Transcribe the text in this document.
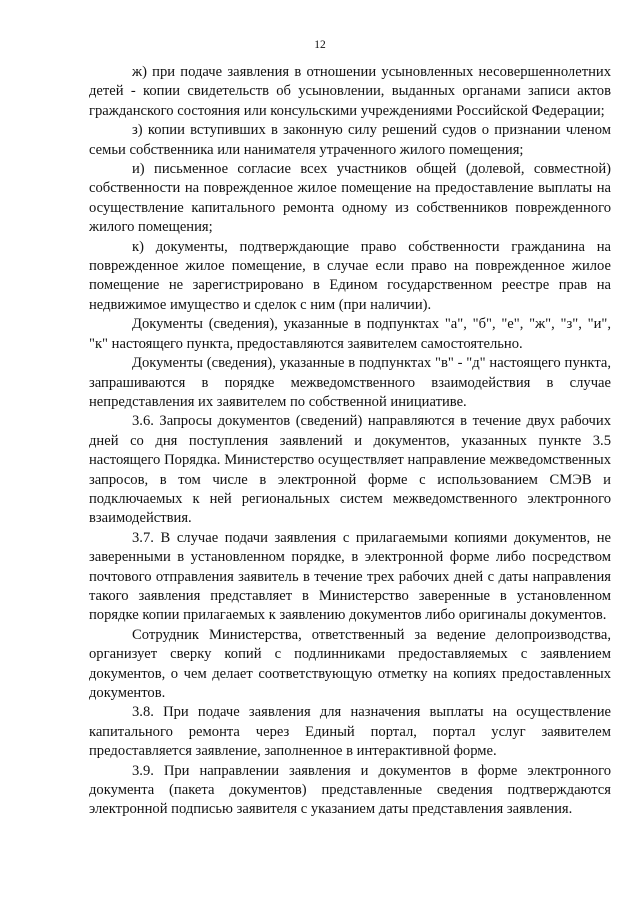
12

ж) при подаче заявления в отношении усыновленных несовершеннолетних детей - копии свидетельств об усыновлении, выданных органами записи актов гражданского состояния или консульскими учреждениями Российской Федерации;

з) копии вступивших в законную силу решений судов о признании членом семьи собственника или нанимателя утраченного жилого помещения;

и) письменное согласие всех участников общей (долевой, совместной) собственности на поврежденное жилое помещение на предоставление выплаты на осуществление капитального ремонта одному из собственников поврежденного жилого помещения;

к) документы, подтверждающие право собственности гражданина на поврежденное жилое помещение, в случае если право на поврежденное жилое помещение не зарегистрировано в Едином государственном реестре прав на недвижимое имущество и сделок с ним (при наличии).

Документы (сведения), указанные в подпунктах "а", "б", "е", "ж", "з", "и", "к" настоящего пункта, предоставляются заявителем самостоятельно.

Документы (сведения), указанные в подпунктах "в" - "д" настоящего пункта, запрашиваются в порядке межведомственного взаимодействия в случае непредставления их заявителем по собственной инициативе.

3.6. Запросы документов (сведений) направляются в течение двух рабочих дней со дня поступления заявлений и документов, указанных пункте 3.5 настоящего Порядка. Министерство осуществляет направление межведомственных запросов, в том числе в электронной форме с использованием СМЭВ и подключаемых к ней региональных систем межведомственного электронного взаимодействия.

3.7. В случае подачи заявления с прилагаемыми копиями документов, не заверенными в установленном порядке, в электронной форме либо посредством почтового отправления заявитель в течение трех рабочих дней с даты направления такого заявления представляет в Министерство заверенные в установленном порядке копии прилагаемых к заявлению документов либо оригиналы документов.

Сотрудник Министерства, ответственный за ведение делопроизводства, организует сверку копий с подлинниками предоставляемых с заявлением документов, о чем делает соответствующую отметку на копиях предоставленных документов.

3.8. При подаче заявления для назначения выплаты на осуществление капитального ремонта через Единый портал, портал услуг заявителем предоставляется заявление, заполненное в интерактивной форме.

3.9. При направлении заявления и документов в форме электронного документа (пакета документов) представленные сведения подтверждаются электронной подписью заявителя с указанием даты представления заявления.
